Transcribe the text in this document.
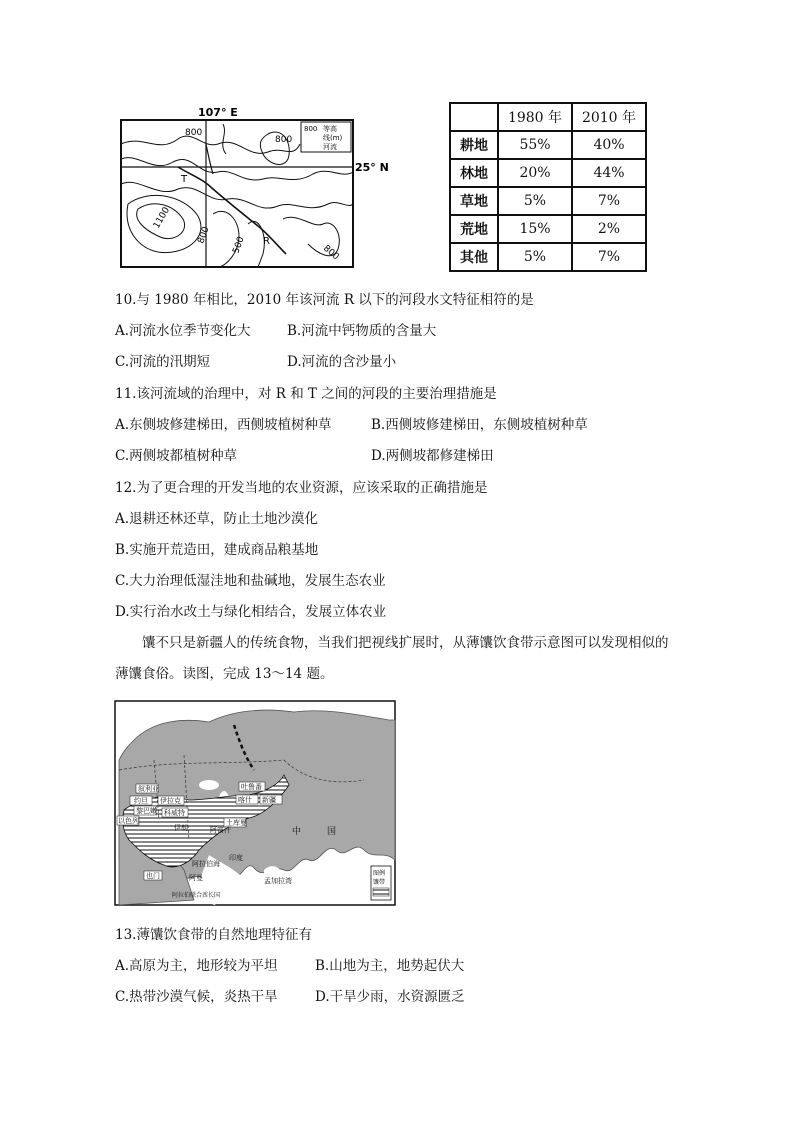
107° E
25° N
800 等高
线(m)
河流
800
800
1100
800
500	800
T
R
	1980 年	2010 年
耕地	55%	40%
林地	20%	44%
草地	5%	7%
荒地	15%	2%
其他	5%	7%
10.与 1980 年相比，2010 年该河流 R 以下的河段水文特征相符的是
A.河流水位季节变化大	B.河流中钙物质的含量大
C.河流的汛期短	D.河流的含沙量小
11.该河流域的治理中，对 R 和 T 之间的河段的主要治理措施是
A.东侧坡修建梯田，西侧坡植树种草	B.西侧坡修建梯田，东侧坡植树种草
C.两侧坡都植树种草	D.两侧坡都修建梯田
12.为了更合理的开发当地的农业资源，应该采取的正确措施是
A.退耕还林还草，防止土地沙漠化
B.实施开荒造田，建成商品粮基地
C.大力治理低湿洼地和盐碱地，发展生态农业
D.实行治水改土与绿化相结合，发展立体农业
馕不只是新疆人的传统食物，当我们把视线扩展时，从薄馕饮食带示意图可以发现相似的薄馕食俗。读图，完成 13～14 题。
叙利亚
约旦 伊拉克
科威特
以色列
黎巴嫩
伊朗
土库曼
吐鲁番
喀什 新疆
中	国
阿富汗
印度
也门	阿曼
阿拉伯海
阿拉伯联合酋长国
孟加拉湾
图例
馕带
13.薄馕饮食带的自然地理特征有
A.高原为主，地形较为平坦	B.山地为主，地势起伏大
C.热带沙漠气候，炎热干旱	D.干旱少雨，水资源匮乏
